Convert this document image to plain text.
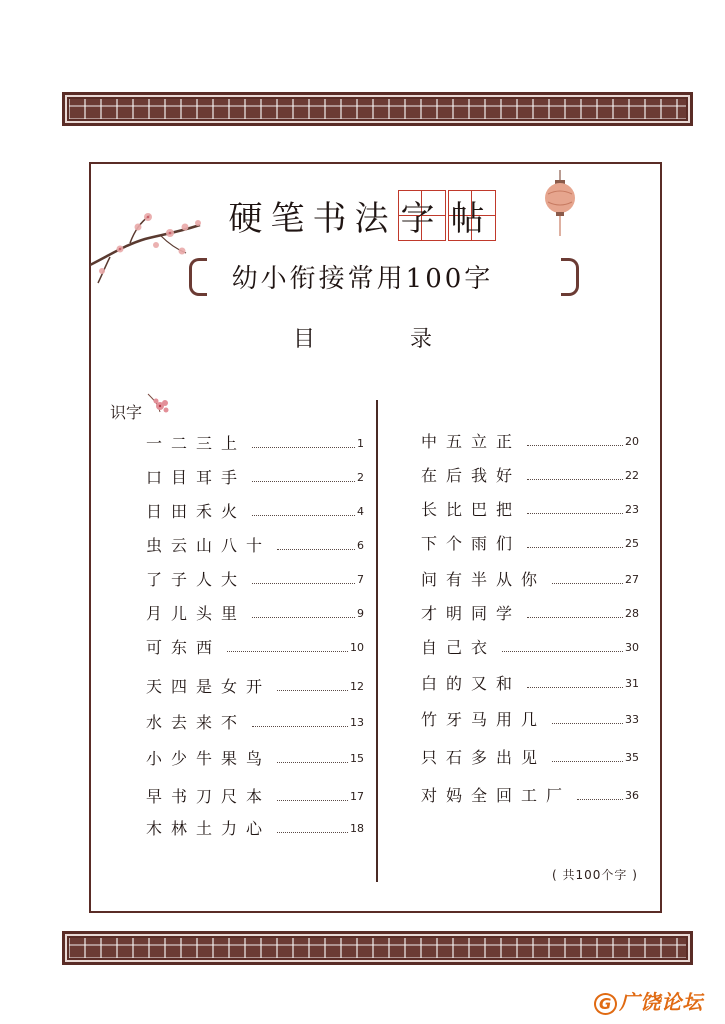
硬笔书法 字 帖
幼小衔接常用100字
目 录
识字
一二三上	1
口目耳手	2
日田禾火	4
虫云山八十	6
了子人大	7
月儿头里	9
可东西	10
天四是女开	12
水去来不	13
小少牛果鸟	15
早书刀尺本	17
木林土力心	18
中五立正	20
在后我好	22
长比巴把	23
下个雨们	25
问有半从你	27
才明同学	28
自己衣	30
白的又和	31
竹牙马用几	33
只石多出见	35
对妈全回工厂	36
( 共100个字 )
G 广饶论坛
